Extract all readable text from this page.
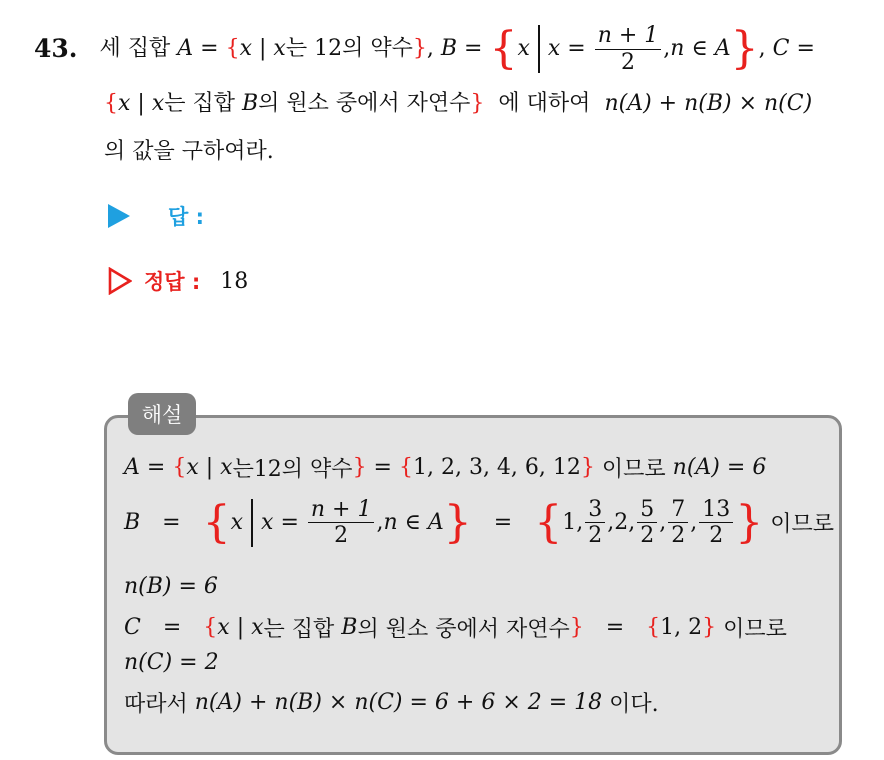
43. 세 집합
A
=
{ x | x 는 12의 약수 } , B
=
{ x $x = \frac{n + 1}{2}$ , n ∈ A } , C
=
{x | x는 집합 B의 원소 중에서 자연수} 에 대하여 n(A) + n(B) × n(C)
의 값을 구하여라.
답 :
정답 : 18
해설
A = { x | x 는12의 약수 } = { 1, 2, 3, 4, 6, 12 }
이므로
n(A) = 6
B = { x $x = \frac{n + 1}{2}$ , n ∈ A } = { 1, $\frac{3}{2}$ , 2, $\frac{5}{2}$ , $\frac{7}{2}$ , $\frac{13}{2}$ }
이므로
n(B) = 6
C = { x | x 는 집합
B 의 원소 중에서 자연수 } = { 1, 2 }
이므로
n(C) = 2
따라서
n(A) + n(B) × n(C) = 6 + 6 × 2 = 18
이다.
